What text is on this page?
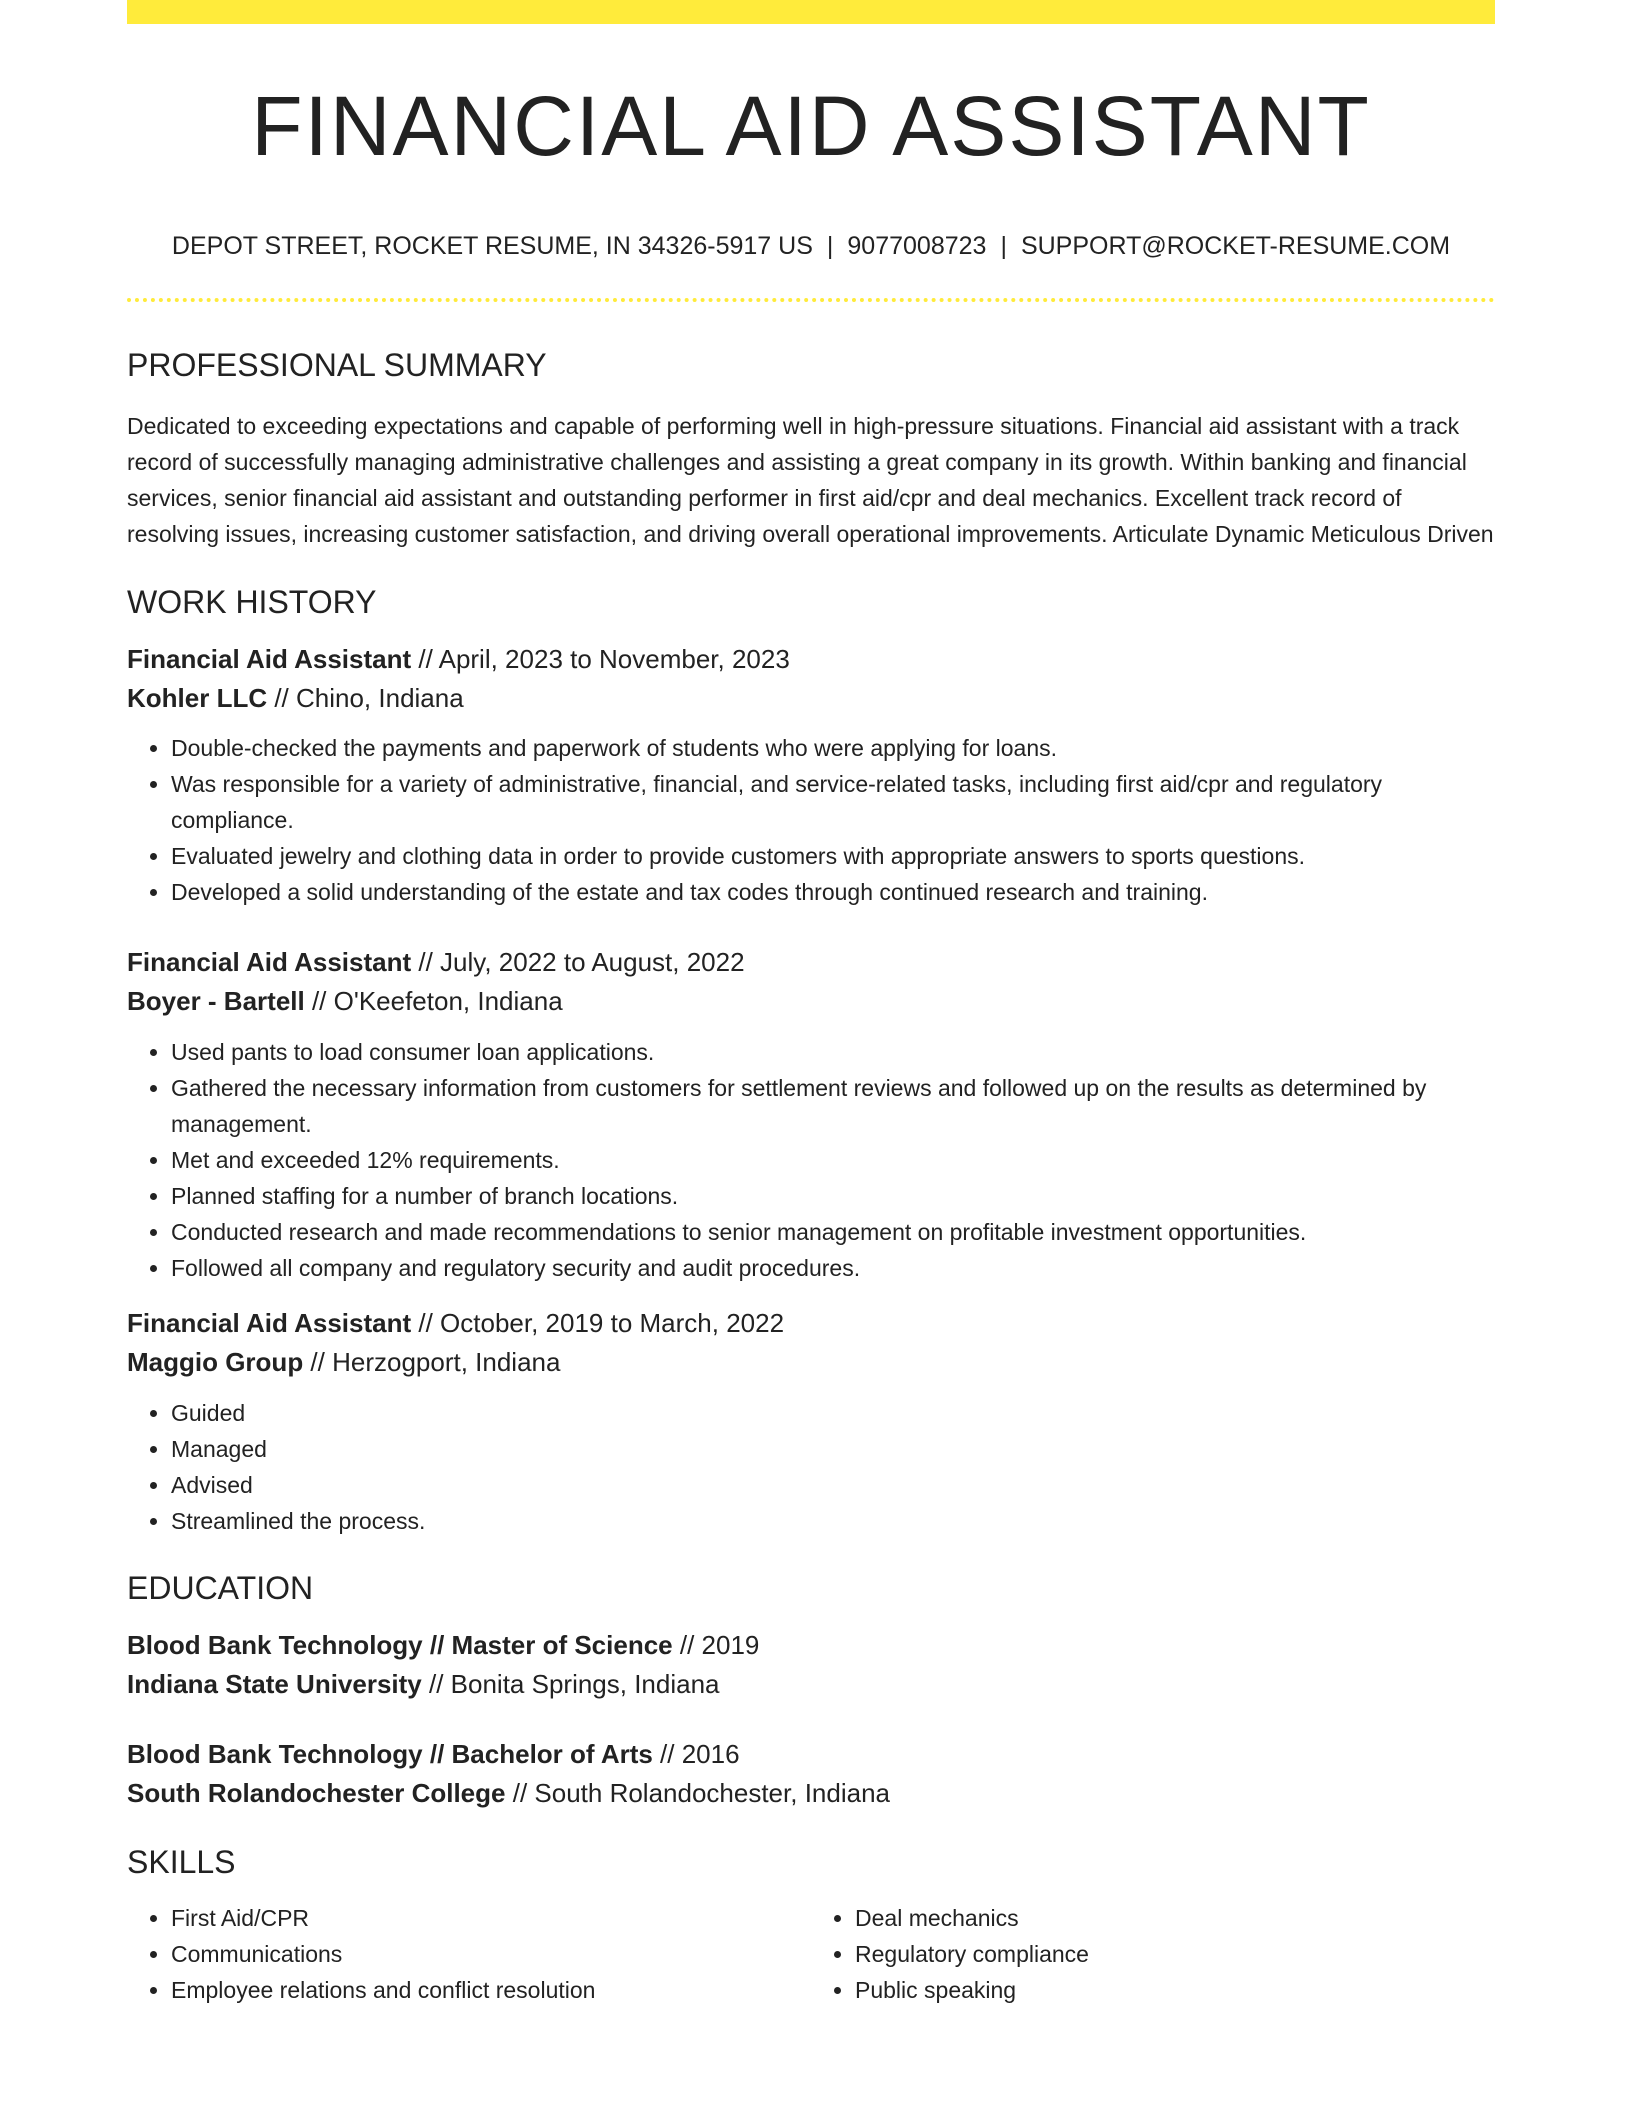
FINANCIAL AID ASSISTANT
DEPOT STREET, ROCKET RESUME, IN 34326-5917 US | 9077008723 | SUPPORT@ROCKET-RESUME.COM
PROFESSIONAL SUMMARY

Dedicated to exceeding expectations and capable of performing well in high-pressure situations. Financial aid assistant with a track record of successfully managing administrative challenges and assisting a great company in its growth. Within banking and financial services, senior financial aid assistant and outstanding performer in first aid/cpr and deal mechanics. Excellent track record of resolving issues, increasing customer satisfaction, and driving overall operational improvements. Articulate Dynamic Meticulous Driven

WORK HISTORY
Financial Aid Assistant // April, 2023 to November, 2023
Kohler LLC // Chino, Indiana
• Double-checked the payments and paperwork of students who were applying for loans.
• Was responsible for a variety of administrative, financial, and service-related tasks, including first aid/cpr and regulatory compliance.
• Evaluated jewelry and clothing data in order to provide customers with appropriate answers to sports questions.
• Developed a solid understanding of the estate and tax codes through continued research and training.
Financial Aid Assistant // July, 2022 to August, 2022
Boyer - Bartell // O'Keefeton, Indiana
• Used pants to load consumer loan applications.
• Gathered the necessary information from customers for settlement reviews and followed up on the results as determined by management.
• Met and exceeded 12% requirements.
• Planned staffing for a number of branch locations.
• Conducted research and made recommendations to senior management on profitable investment opportunities.
• Followed all company and regulatory security and audit procedures.
Financial Aid Assistant // October, 2019 to March, 2022
Maggio Group // Herzogport, Indiana
• Guided
• Managed
• Advised
• Streamlined the process.
EDUCATION
Blood Bank Technology // Master of Science // 2019
Indiana State University // Bonita Springs, Indiana
Blood Bank Technology // Bachelor of Arts // 2016
South Rolandochester College // South Rolandochester, Indiana
SKILLS
• First Aid/CPR
• Communications
• Employee relations and conflict resolution
• Deal mechanics
• Regulatory compliance
• Public speaking
